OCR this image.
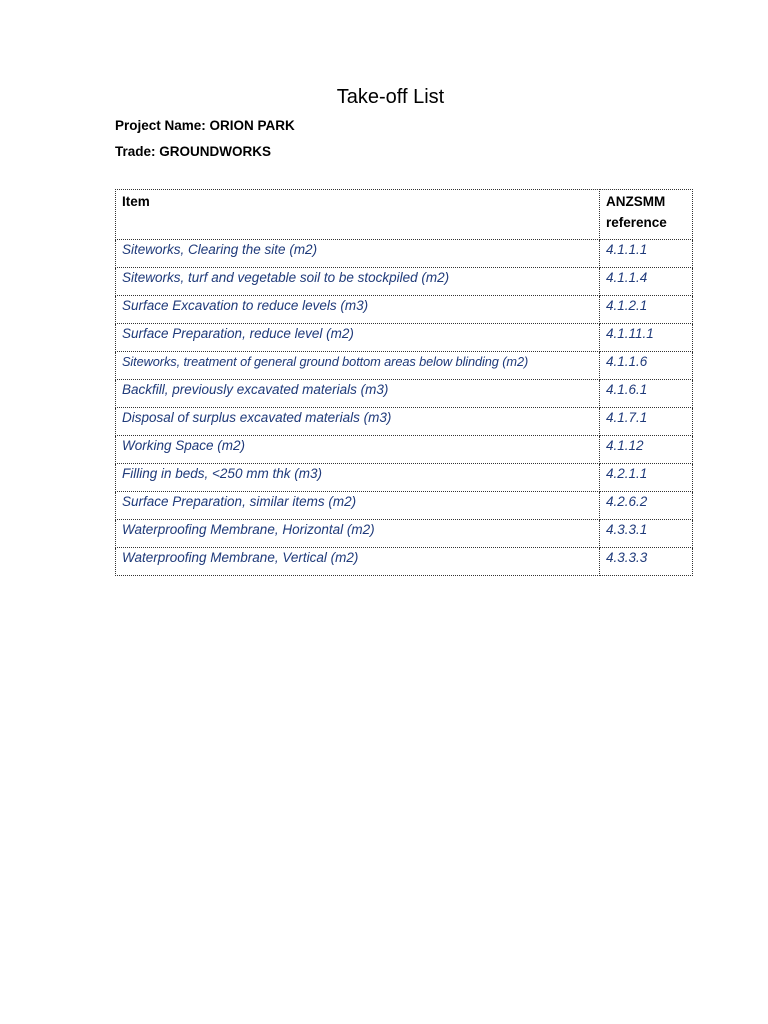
Take-off List
Project Name: ORION PARK
Trade: GROUNDWORKS
Item	ANZSMM
reference
Siteworks, Clearing the site (m2)	4.1.1.1
Siteworks, turf and vegetable soil to be stockpiled (m2)	4.1.1.4
Surface Excavation to reduce levels (m3)	4.1.2.1
Surface Preparation, reduce level (m2)	4.1.11.1
Siteworks, treatment of general ground bottom areas below blinding (m2)	4.1.1.6
Backfill, previously excavated materials (m3)	4.1.6.1
Disposal of surplus excavated materials (m3)	4.1.7.1
Working Space (m2)	4.1.12
Filling in beds, <250 mm thk (m3)	4.2.1.1
Surface Preparation, similar items (m2)	4.2.6.2
Waterproofing Membrane, Horizontal (m2)	4.3.3.1
Waterproofing Membrane, Vertical (m2)	4.3.3.3
